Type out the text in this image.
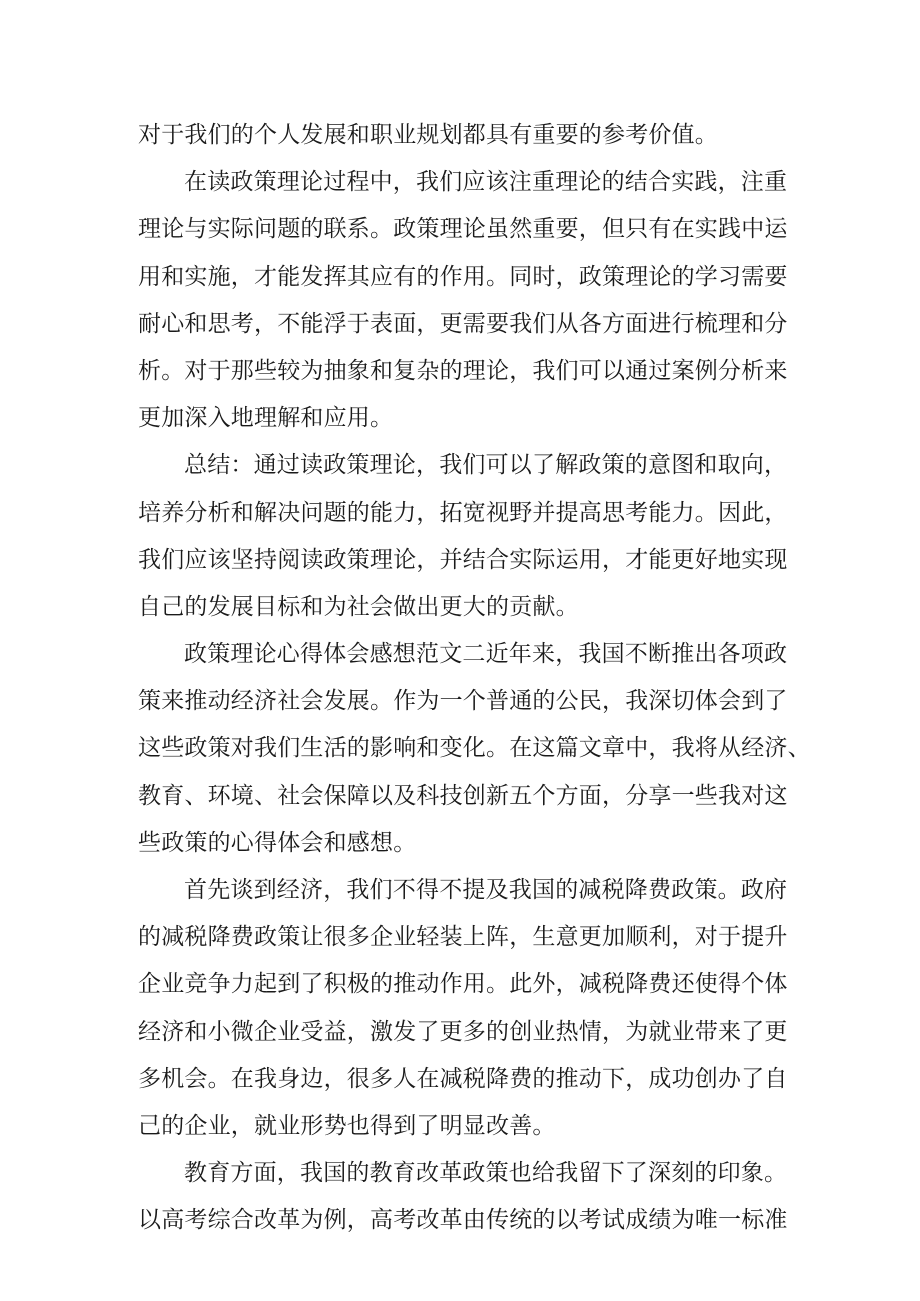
对于我们的个人发展和职业规划都具有重要的参考价值。
在读政策理论过程中，我们应该注重理论的结合实践，注重
理论与实际问题的联系。政策理论虽然重要，但只有在实践中运
用和实施，才能发挥其应有的作用。同时，政策理论的学习需要
耐心和思考，不能浮于表面，更需要我们从各方面进行梳理和分
析。对于那些较为抽象和复杂的理论，我们可以通过案例分析来
更加深入地理解和应用。
总结：通过读政策理论，我们可以了解政策的意图和取向，
培养分析和解决问题的能力，拓宽视野并提高思考能力。因此，
我们应该坚持阅读政策理论，并结合实际运用，才能更好地实现
自己的发展目标和为社会做出更大的贡献。
政策理论心得体会感想范文二近年来，我国不断推出各项政
策来推动经济社会发展。作为一个普通的公民，我深切体会到了
这些政策对我们生活的影响和变化。在这篇文章中，我将从经济、
教育、环境、社会保障以及科技创新五个方面，分享一些我对这
些政策的心得体会和感想。
首先谈到经济，我们不得不提及我国的减税降费政策。政府
的减税降费政策让很多企业轻装上阵，生意更加顺利，对于提升
企业竞争力起到了积极的推动作用。此外，减税降费还使得个体
经济和小微企业受益，激发了更多的创业热情，为就业带来了更
多机会。在我身边，很多人在减税降费的推动下，成功创办了自
己的企业，就业形势也得到了明显改善。
教育方面，我国的教育改革政策也给我留下了深刻的印象。
以高考综合改革为例，高考改革由传统的以考试成绩为唯一标准
